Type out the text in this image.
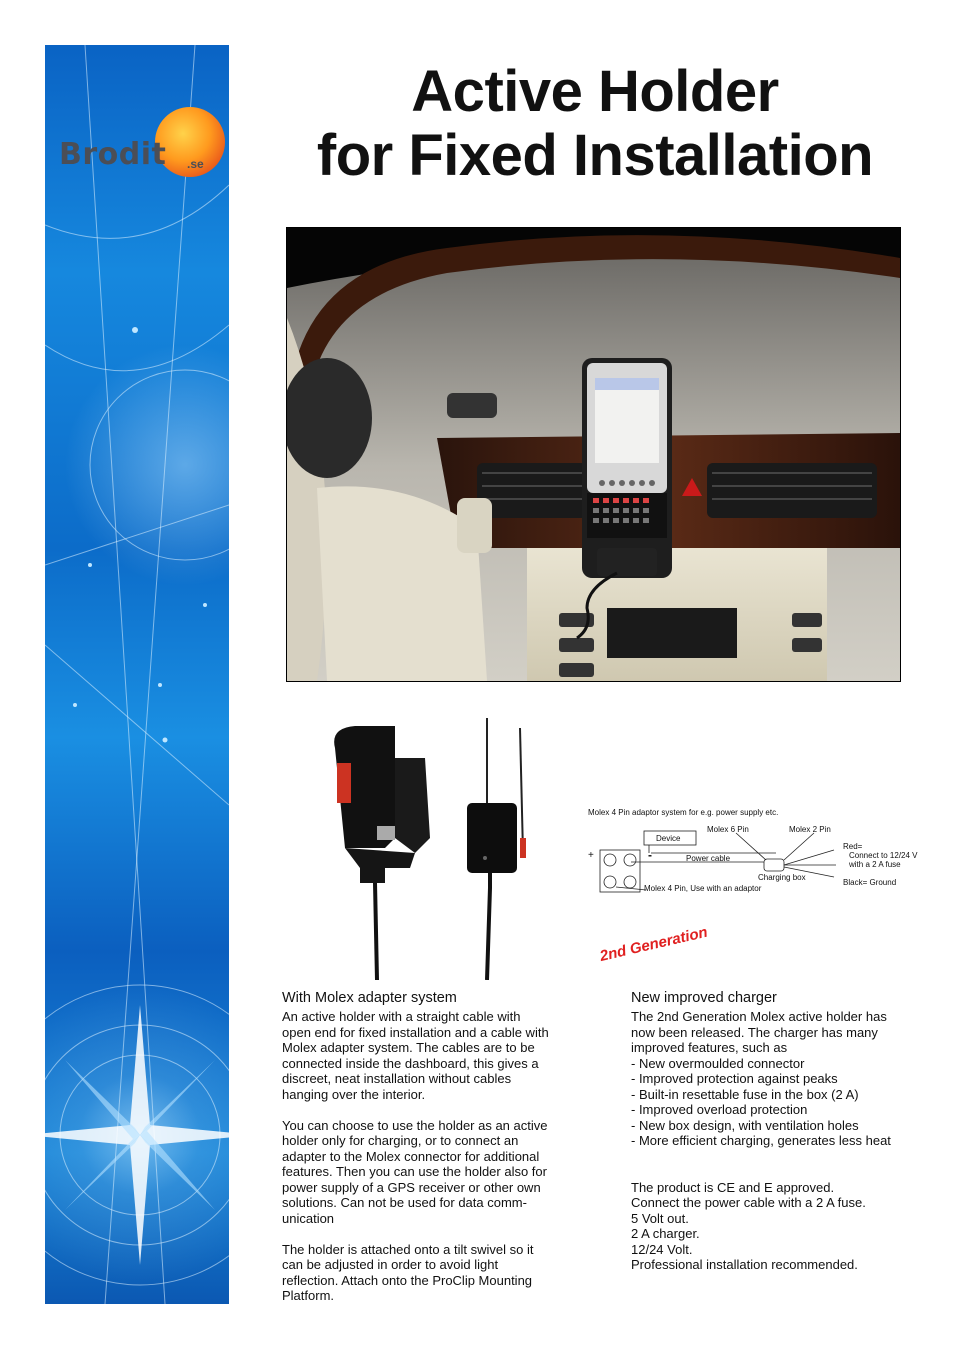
Brodit .se
Active Holder
for Fixed Installation
Molex 4 Pin adaptor system for e.g. power supply etc.
Device
Molex 6 Pin	Molex 2 Pin
Power cable
Charging box
Molex 4 Pin, Use with an adaptor
Red=
Connect to 12/24 V
with a 2 A fuse
Black= Ground
+	-
2nd Generation
With Molex adapter system
An active holder with a straight cable with
open end for fixed installation and a cable with
Molex adapter system. The cables are to be
connected inside the dashboard, this gives a
discreet, neat installation without cables
hanging over the interior.
You can choose to use the holder as an active
holder only for charging, or to connect an
adapter to the Molex connector for additional
features. Then you can use the holder also for
power supply of a GPS receiver or other own
solutions. Can not be used for data comm-
unication
The holder is attached onto a tilt swivel so it
can be adjusted in order to avoid light
reflection. Attach onto the ProClip Mounting
Platform.
New improved charger
The 2nd Generation Molex active holder has
now been released. The charger has many
improved features, such as
- New overmoulded connector
- Improved protection against peaks
- Built-in resettable fuse in the box (2 A)
- Improved overload protection
- New box design, with ventilation holes
- More efficient charging, generates less heat
The product is CE and E approved.
Connect the power cable with a 2 A fuse.
5 Volt out.
2 A charger.
12/24 Volt.
Professional installation recommended.
